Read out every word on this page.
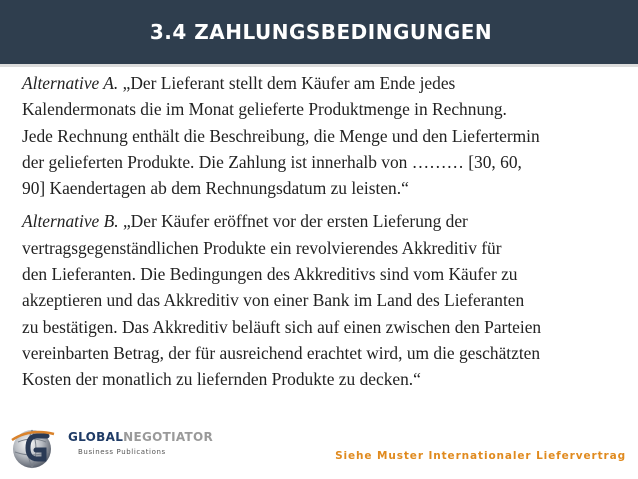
3.4 ZAHLUNGSBEDINGUNGEN

Alternative A. „Der Lieferant stellt dem Käufer am Ende jedes
Kalendermonats die im Monat gelieferte Produktmenge in Rechnung.
Jede Rechnung enthält die Beschreibung, die Menge und den Liefertermin
der gelieferten Produkte. Die Zahlung ist innerhalb von ……… [30, 60,
90] Kaendertagen ab dem Rechnungsdatum zu leisten.“

Alternative B. „Der Käufer eröffnet vor der ersten Lieferung der
vertragsgegenständlichen Produkte ein revolvierendes Akkreditiv für
den Lieferanten. Die Bedingungen des Akkreditivs sind vom Käufer zu
akzeptieren und das Akkreditiv von einer Bank im Land des Lieferanten
zu bestätigen. Das Akkreditiv beläuft sich auf einen zwischen den Parteien
vereinbarten Betrag, der für ausreichend erachtet wird, um die geschätzten
Kosten der monatlich zu liefernden Produkte zu decken.“

GLOBALNEGOTIATOR
Business Publications	Siehe Muster Internationaler Liefervertrag
